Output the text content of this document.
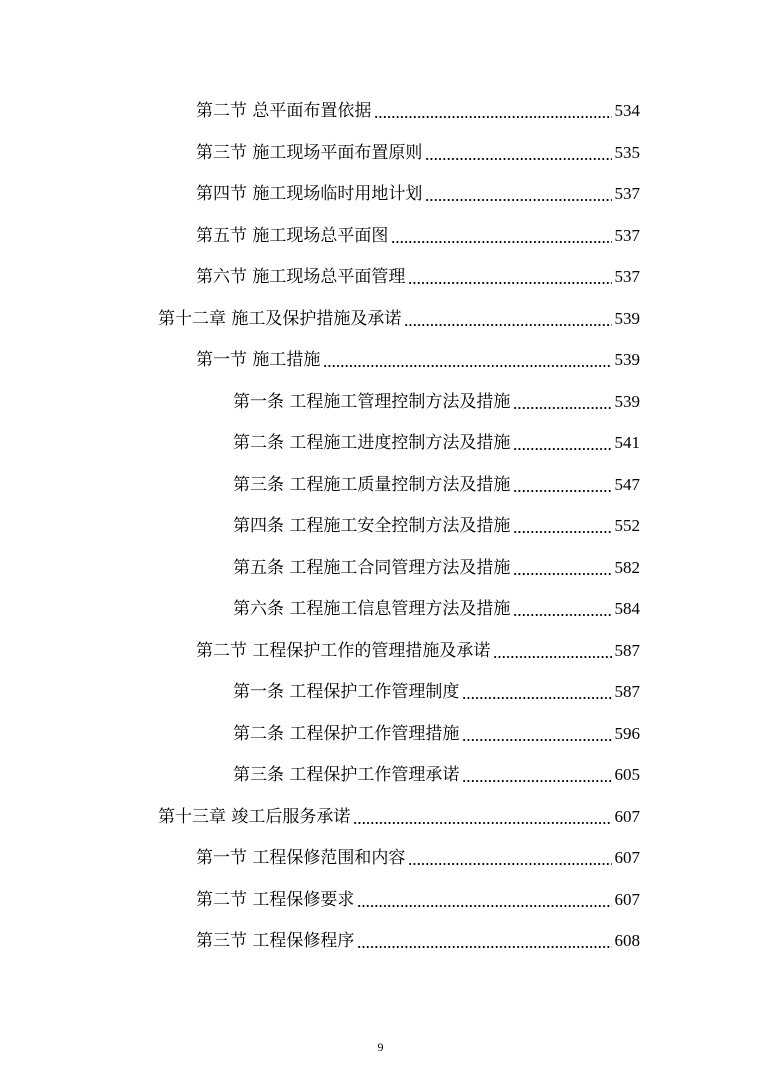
第二节 总平面布置依据	534
第三节 施工现场平面布置原则	535
第四节 施工现场临时用地计划	537
第五节 施工现场总平面图	537
第六节 施工现场总平面管理	537
第十二章 施工及保护措施及承诺	539
第一节 施工措施	539
第一条 工程施工管理控制方法及措施	539
第二条 工程施工进度控制方法及措施	541
第三条 工程施工质量控制方法及措施	547
第四条 工程施工安全控制方法及措施	552
第五条 工程施工合同管理方法及措施	582
第六条 工程施工信息管理方法及措施	584
第二节 工程保护工作的管理措施及承诺	587
第一条 工程保护工作管理制度	587
第二条 工程保护工作管理措施	596
第三条 工程保护工作管理承诺	605
第十三章 竣工后服务承诺	607
第一节 工程保修范围和内容	607
第二节 工程保修要求	607
第三节 工程保修程序	608
9
